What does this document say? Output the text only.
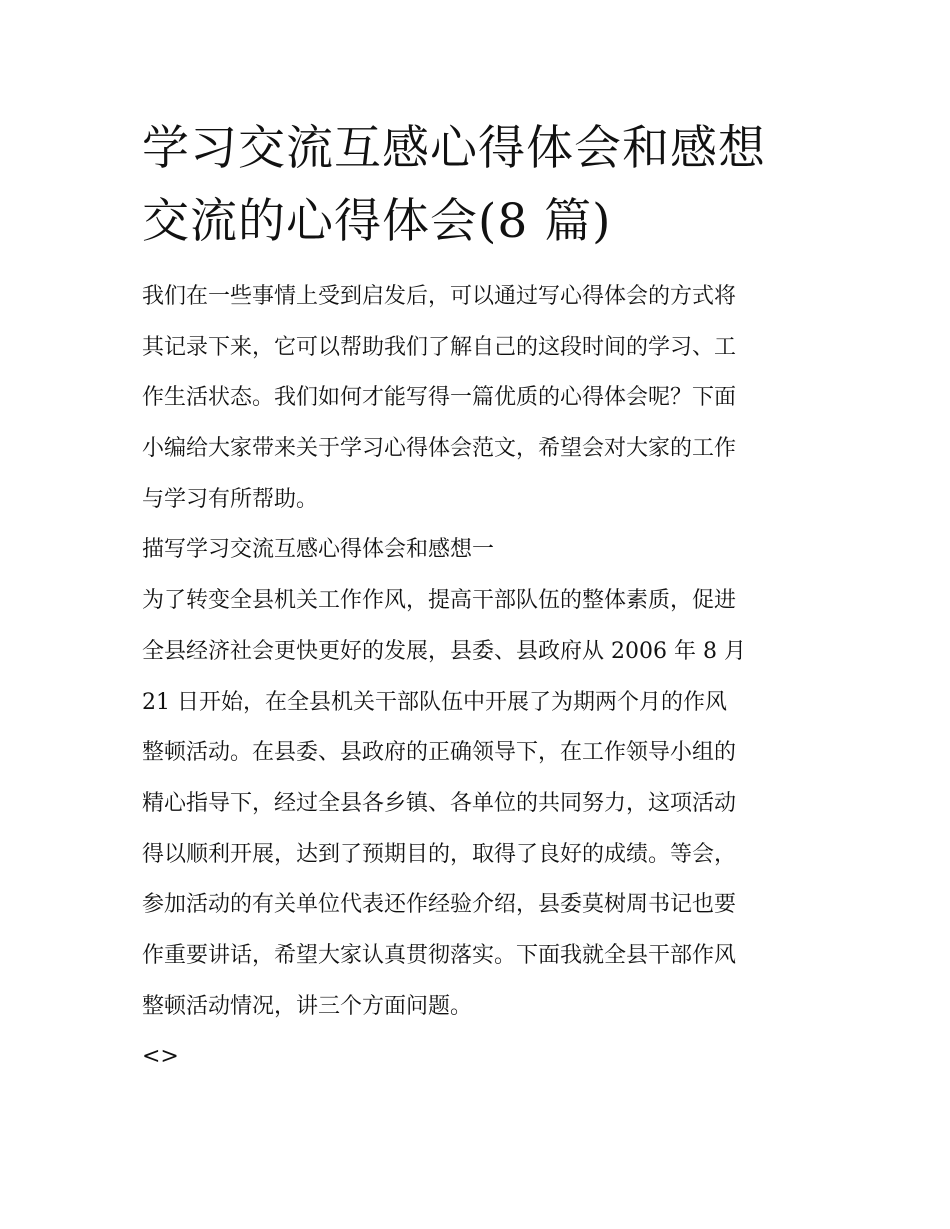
学习交流互感心得体会和感想
交流的心得体会(8 篇)
我们在一些事情上受到启发后，可以通过写心得体会的方式将
其记录下来，它可以帮助我们了解自己的这段时间的学习、工
作生活状态。我们如何才能写得一篇优质的心得体会呢？下面
小编给大家带来关于学习心得体会范文，希望会对大家的工作
与学习有所帮助。
描写学习交流互感心得体会和感想一
为了转变全县机关工作作风，提高干部队伍的整体素质，促进
全县经济社会更快更好的发展，县委、县政府从 2006 年 8 月
21 日开始，在全县机关干部队伍中开展了为期两个月的作风
整顿活动。在县委、县政府的正确领导下，在工作领导小组的
精心指导下，经过全县各乡镇、各单位的共同努力，这项活动
得以顺利开展，达到了预期目的，取得了良好的成绩。等会，
参加活动的有关单位代表还作经验介绍，县委莫树周书记也要
作重要讲话，希望大家认真贯彻落实。下面我就全县干部作风
整顿活动情况，讲三个方面问题。
<>
